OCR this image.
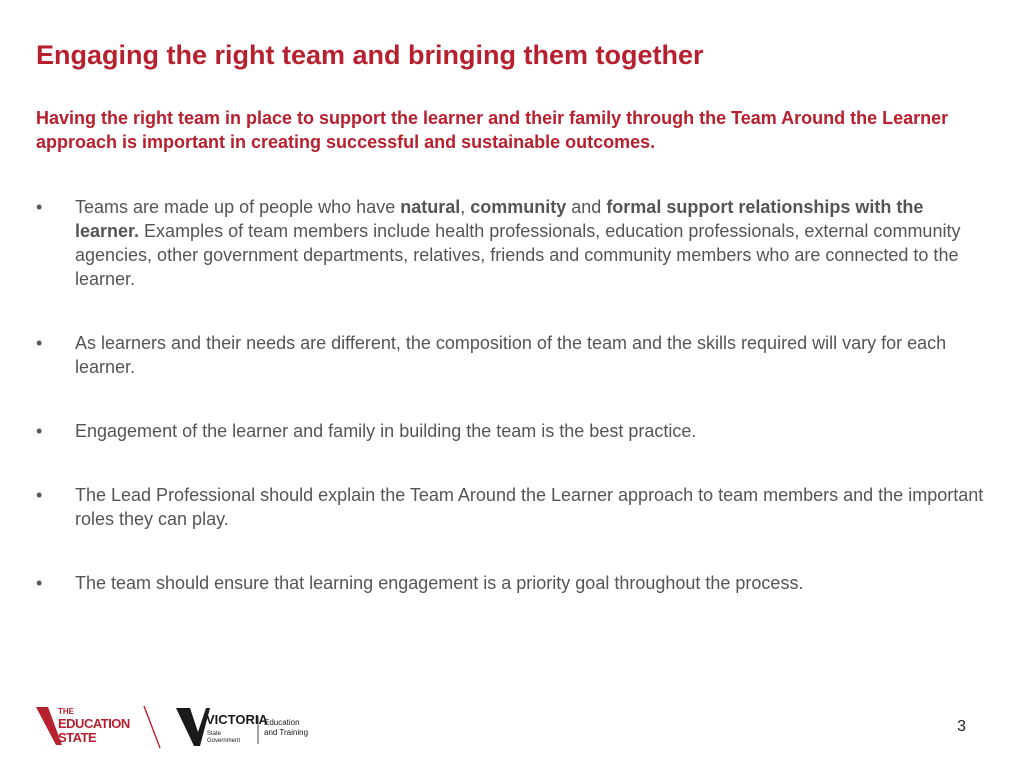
Engaging the right team and bringing them together

Having the right team in place to support the learner and their family through the Team Around the Learner approach is important in creating successful and sustainable outcomes.

• Teams are made up of people who have natural, community and formal support relationships with the learner. Examples of team members include health professionals, education professionals, external community agencies, other government departments, relatives, friends and community members who are connected to the learner.
• As learners and their needs are different, the composition of the team and the skills required will vary for each learner.
• Engagement of the learner and family in building the team is the best practice.
• The Lead Professional should explain the Team Around the Learner approach to team members and the important roles they can play.
• The team should ensure that learning engagement is a priority goal throughout the process.
THE
EDUCATION
STATE
VICTORIA
State
Government
Education
and Training	3
